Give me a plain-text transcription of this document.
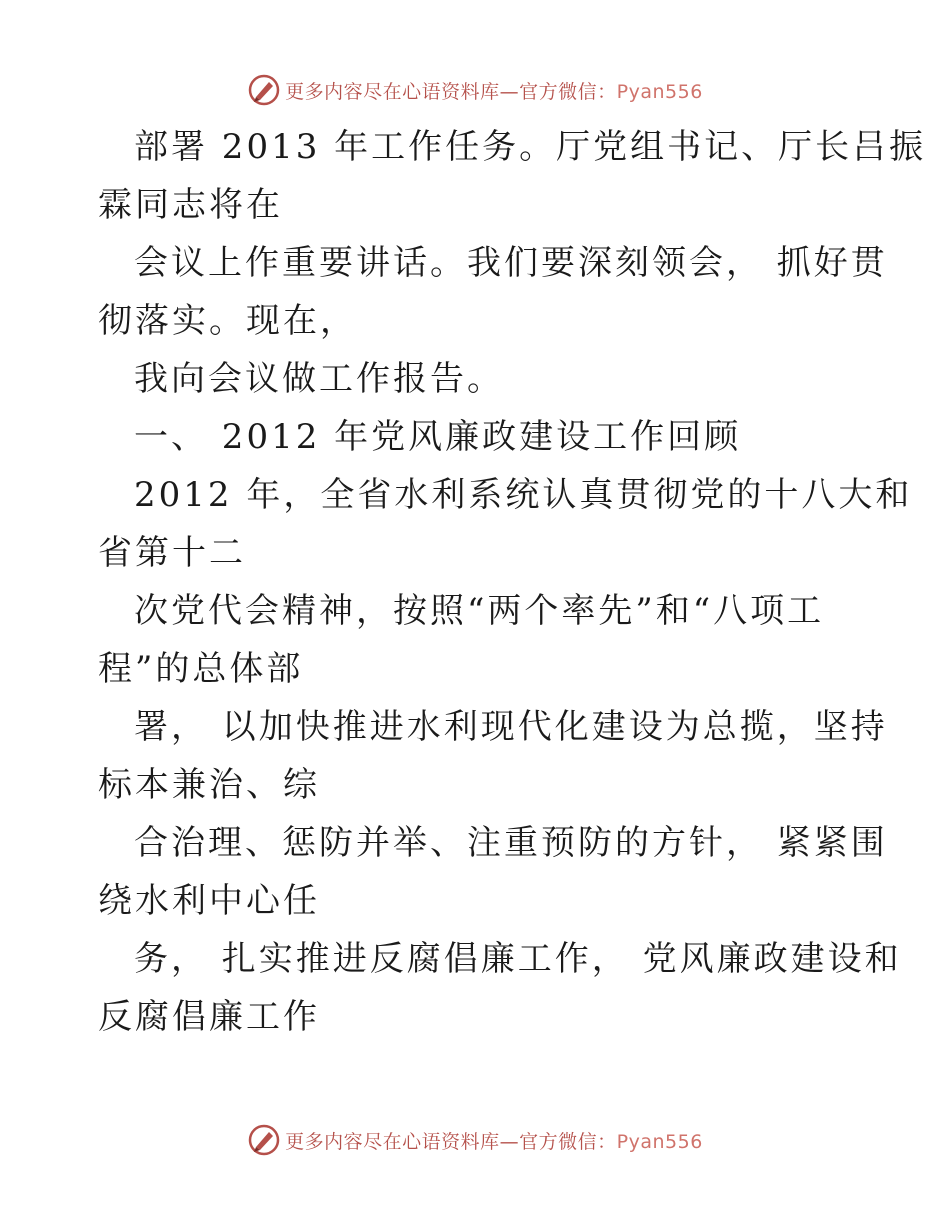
更多内容尽在心语资料库—官方微信：Pyan556
部署 2013 年工作任务。厅党组书记、厅长吕振
霖同志将在
会议上作重要讲话。我们要深刻领会， 抓好贯
彻落实。现在，
我向会议做工作报告。
一、 2012 年党风廉政建设工作回顾
2012 年，全省水利系统认真贯彻党的十八大和
省第十二
次党代会精神，按照“两个率先”和“八项工
程”的总体部
署， 以加快推进水利现代化建设为总揽，坚持
标本兼治、综
合治理、惩防并举、注重预防的方针， 紧紧围
绕水利中心任
务， 扎实推进反腐倡廉工作， 党风廉政建设和
反腐倡廉工作
更多内容尽在心语资料库—官方微信：Pyan556
